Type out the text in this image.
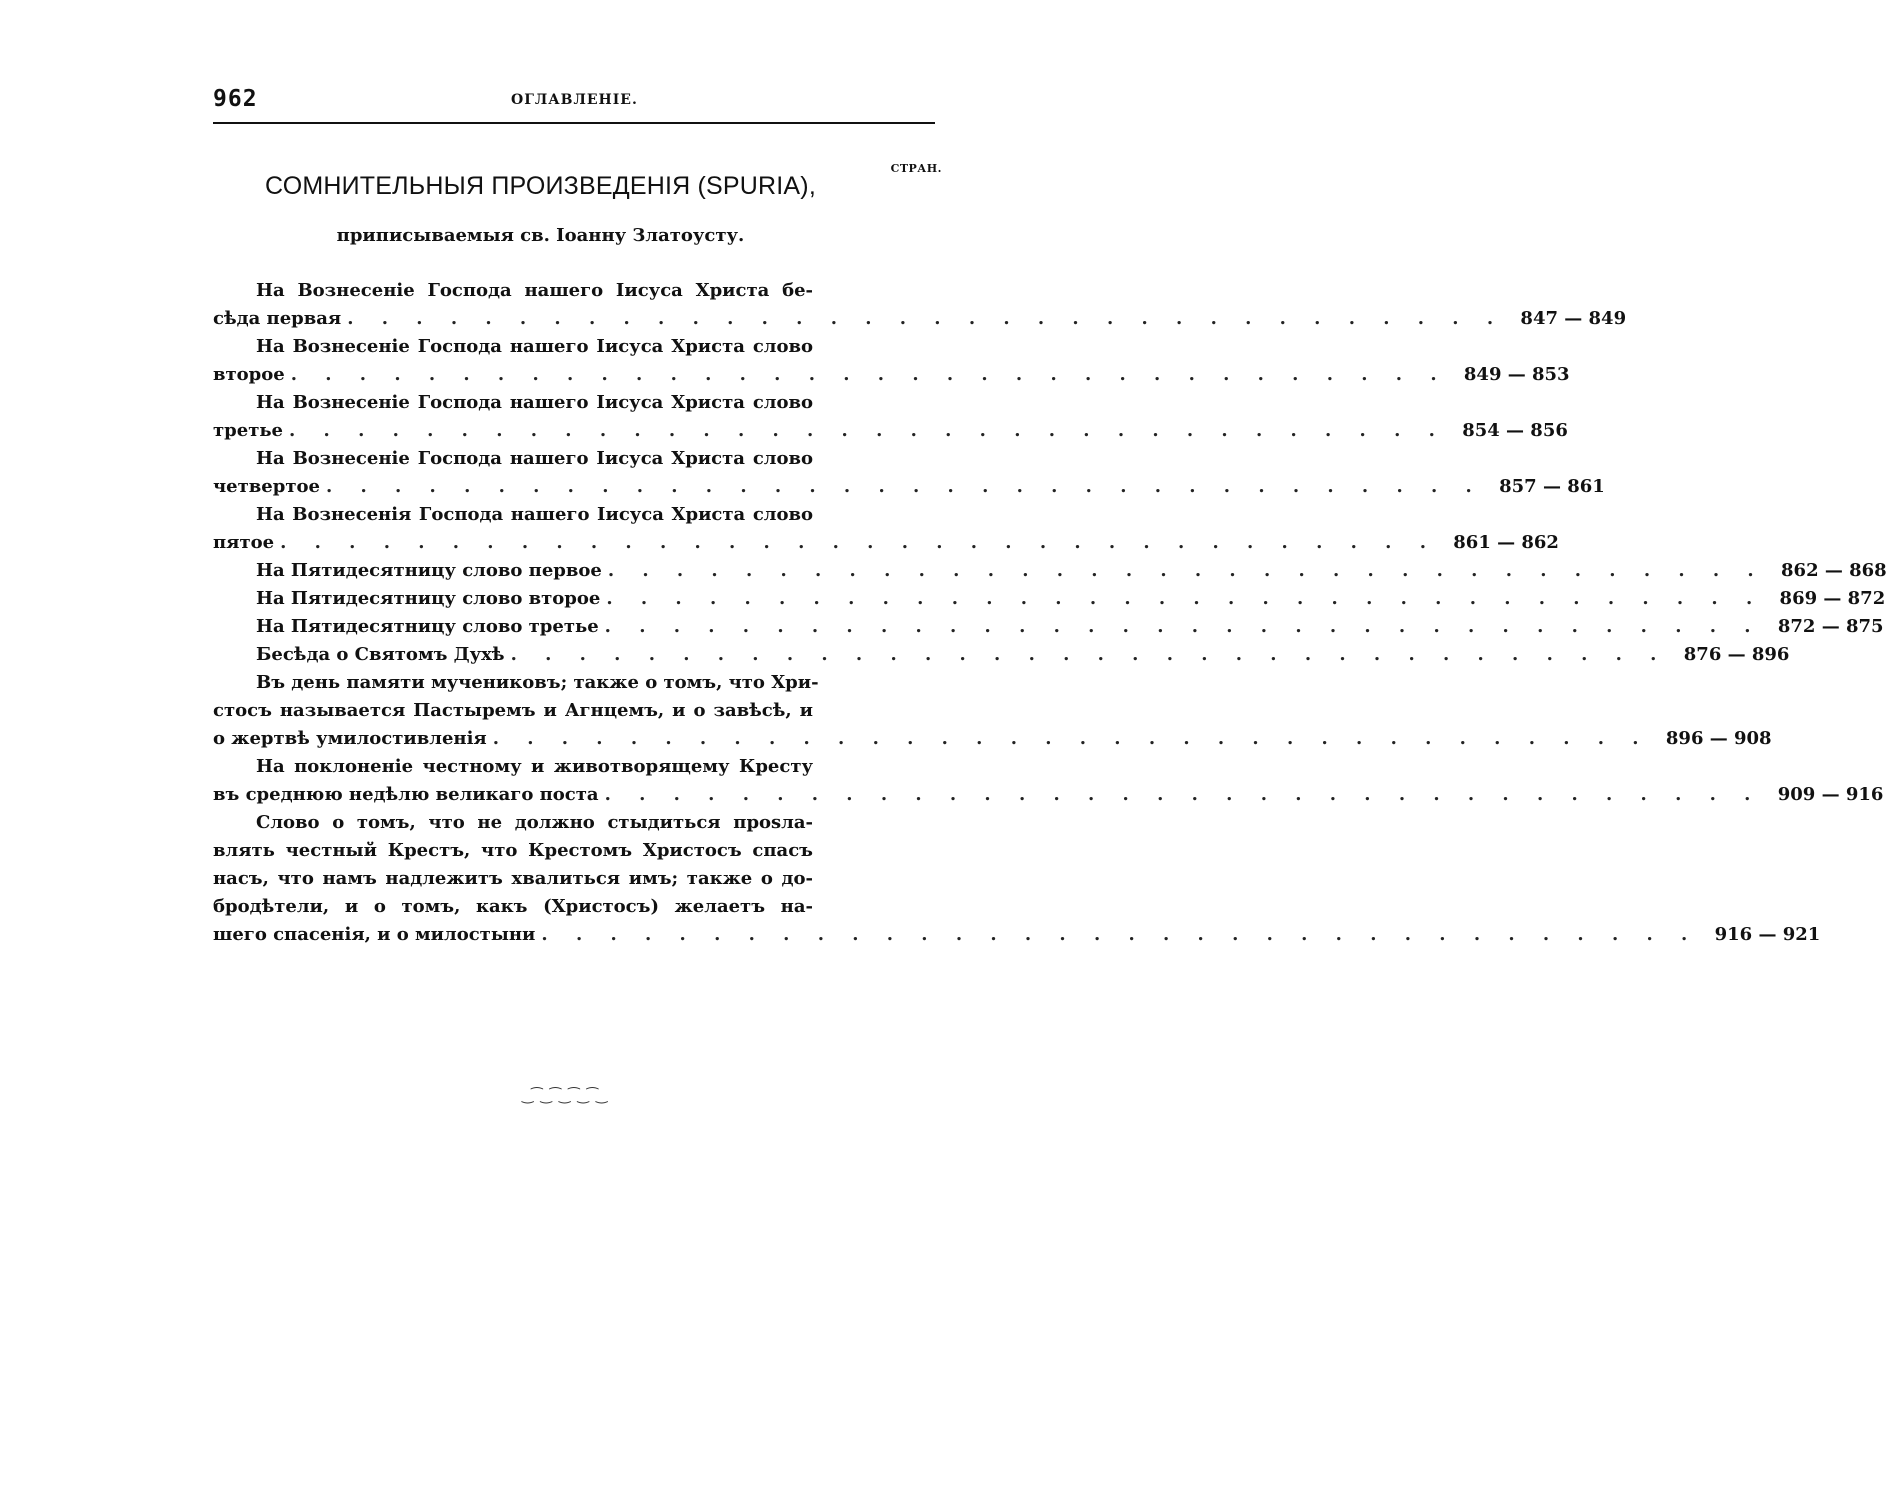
962	ОГЛАВЛЕНІЕ.
СТРАН.
СОМНИТЕЛЬНЫЯ ПРОИЗВЕДЕНІЯ (SPURIA),
приписываемыя св. Іоанну Златоусту.
На Вознесеніе Господа нашего Іисуса Христа бе-
сѣда первая . . . . . . . . . . . . . . . . . . . . . . . . . . . . . . . . . . 847 — 849
На Вознесеніе Господа нашего Іисуса Христа слово
второе . . . . . . . . . . . . . . . . . . . . . . . . . . . . . . . . . . 849 — 853
На Вознесеніе Господа нашего Іисуса Христа слово
третье . . . . . . . . . . . . . . . . . . . . . . . . . . . . . . . . . . 854 — 856
На Вознесеніе Господа нашего Іисуса Христа слово
четвертое . . . . . . . . . . . . . . . . . . . . . . . . . . . . . . . . . . 857 — 861
На Вознесенія Господа нашего Іисуса Христа слово
пятое . . . . . . . . . . . . . . . . . . . . . . . . . . . . . . . . . . 861 — 862
На Пятидесятницу слово первое . . . . . . . . . . . . . . . . . . . . . . . . . . . . . . . . . . 862 — 868
На Пятидесятницу слово второе . . . . . . . . . . . . . . . . . . . . . . . . . . . . . . . . . . 869 — 872
На Пятидесятницу слово третье . . . . . . . . . . . . . . . . . . . . . . . . . . . . . . . . . . 872 — 875
Бесѣда о Святомъ Духѣ . . . . . . . . . . . . . . . . . . . . . . . . . . . . . . . . . . 876 — 896
Въ день памяти мучениковъ; также о томъ, что Хри-
стосъ называется Пастыремъ и Агнцемъ, и о завѣсѣ, и
о жертвѣ умилостивленія . . . . . . . . . . . . . . . . . . . . . . . . . . . . . . . . . . 896 — 908
На поклоненіе честному и животворящему Кресту
въ среднюю недѣлю великаго поста . . . . . . . . . . . . . . . . . . . . . . . . . . . . . . . . . . 909 — 916
Слово о томъ, что не должно стыдиться прosла-
влять честный Крестъ, что Крестомъ Христосъ спасъ
насъ, что намъ надлежитъ хвалиться имъ; также о до-
бродѣтели, и о томъ, какъ (Христосъ) желаетъ на-
шего спасенія, и о милостыни . . . . . . . . . . . . . . . . . . . . . . . . . . . . . . . . . . 916 — 921
‿⁀‿⁀‿⁀‿⁀‿
